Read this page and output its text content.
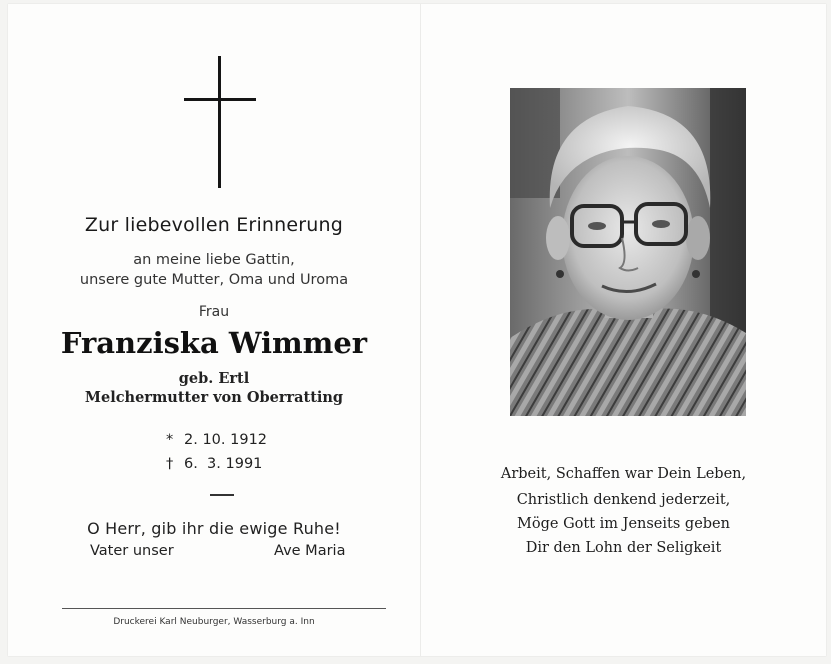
Zur liebevollen Erinnerung
an meine liebe Gattin,
unsere gute Mutter, Oma und Uroma
Frau
Franziska Wimmer
geb. Ertl
Melchermutter von Oberratting
* 2. 10. 1912
† 6.  3. 1991
O Herr, gib ihr die ewige Ruhe!
Vater unser	Ave Maria
Druckerei Karl Neuburger, Wasserburg a. Inn
Arbeit, Schaffen war Dein Leben,
Christlich denkend jederzeit,
Möge Gott im Jenseits geben
Dir den Lohn der Seligkeit
